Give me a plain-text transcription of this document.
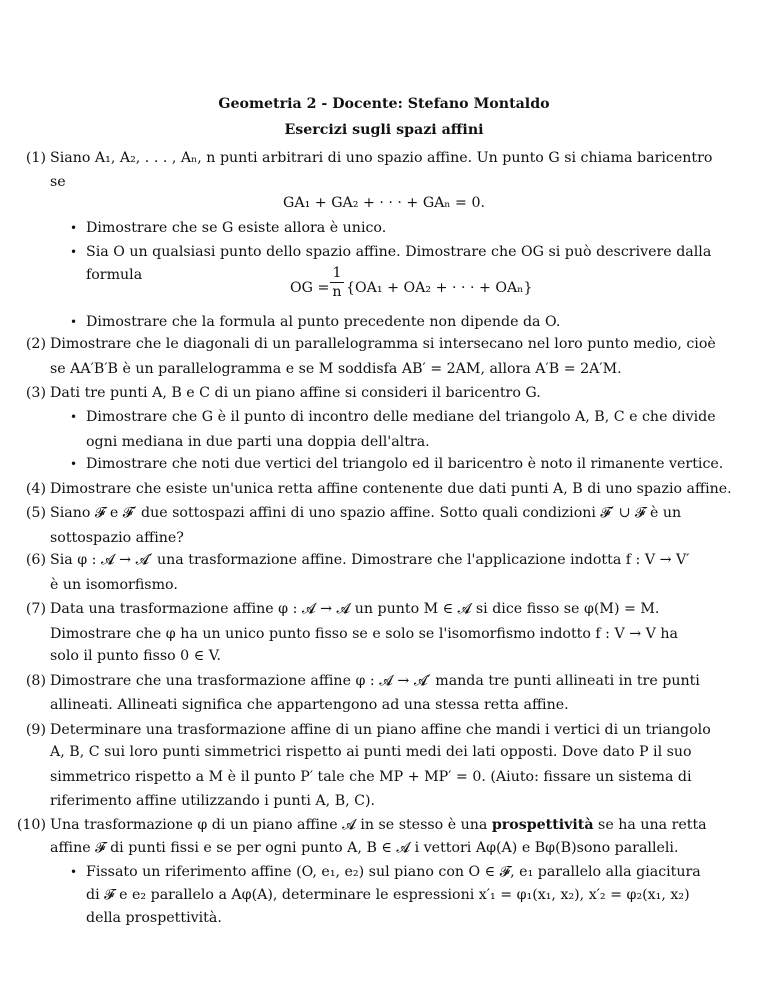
Geometria 2 - Docente: Stefano Montaldo
Esercizi sugli spazi affini
(1) Siano A₁, A₂, . . . , Aₙ, n punti arbitrari di uno spazio affine. Un punto G si chiama baricentro
se
GA₁ + GA₂ + · · · + GAₙ = 0.
• Dimostrare che se G esiste allora è unico.
• Sia O un qualsiasi punto dello spazio affine. Dimostrare che OG si può descrivere dalla
formula
OG =
1
n {OA₁ + OA₂ + · · · + OAₙ}
• Dimostrare che la formula al punto precedente non dipende da O.
(2) Dimostrare che le diagonali di un parallelogramma si intersecano nel loro punto medio, cioè
se AA′B′B è un parallelogramma e se M soddisfa AB′ = 2AM, allora A′B = 2A′M.
(3) Dati tre punti A, B e C di un piano affine si consideri il baricentro G.
• Dimostrare che G è il punto di incontro delle mediane del triangolo A, B, C e che divide
ogni mediana in due parti una doppia dell'altra.
• Dimostrare che noti due vertici del triangolo ed il baricentro è noto il rimanente vertice.
(4) Dimostrare che esiste un'unica retta affine contenente due dati punti A, B di uno spazio affine.
(5) Siano 𝓕 e 𝓕′ due sottospazi affini di uno spazio affine. Sotto quali condizioni 𝓕′ ∪ 𝓕 è un
sottospazio affine?
(6) Sia φ : 𝓐 → 𝓐′ una trasformazione affine. Dimostrare che l'applicazione indotta f : V → V′
è un isomorfismo.
(7) Data una trasformazione affine φ : 𝓐 → 𝓐 un punto M ∈ 𝓐 si dice fisso se φ(M) = M.
Dimostrare che φ ha un unico punto fisso se e solo se l'isomorfismo indotto f : V → V ha
solo il punto fisso 0 ∈ V.
(8) Dimostrare che una trasformazione affine φ : 𝓐 → 𝓐′ manda tre punti allineati in tre punti
allineati. Allineati significa che appartengono ad una stessa retta affine.
(9) Determinare una trasformazione affine di un piano affine che mandi i vertici di un triangolo
A, B, C sui loro punti simmetrici rispetto ai punti medi dei lati opposti. Dove dato P il suo
simmetrico rispetto a M è il punto P′ tale che MP + MP′ = 0. (Aiuto: fissare un sistema di
riferimento affine utilizzando i punti A, B, C).
(10) Una trasformazione φ di un piano affine 𝓐 in se stesso è una prospettività se ha una retta
affine 𝓕 di punti fissi e se per ogni punto A, B ∈ 𝓐 i vettori Aφ(A) e Bφ(B)sono paralleli.
• Fissato un riferimento affine (O, e₁, e₂) sul piano con O ∈ 𝓕, e₁ parallelo alla giacitura
di 𝓕 e e₂ parallelo a Aφ(A), determinare le espressioni x′₁ = φ₁(x₁, x₂), x′₂ = φ₂(x₁, x₂)
della prospettività.
